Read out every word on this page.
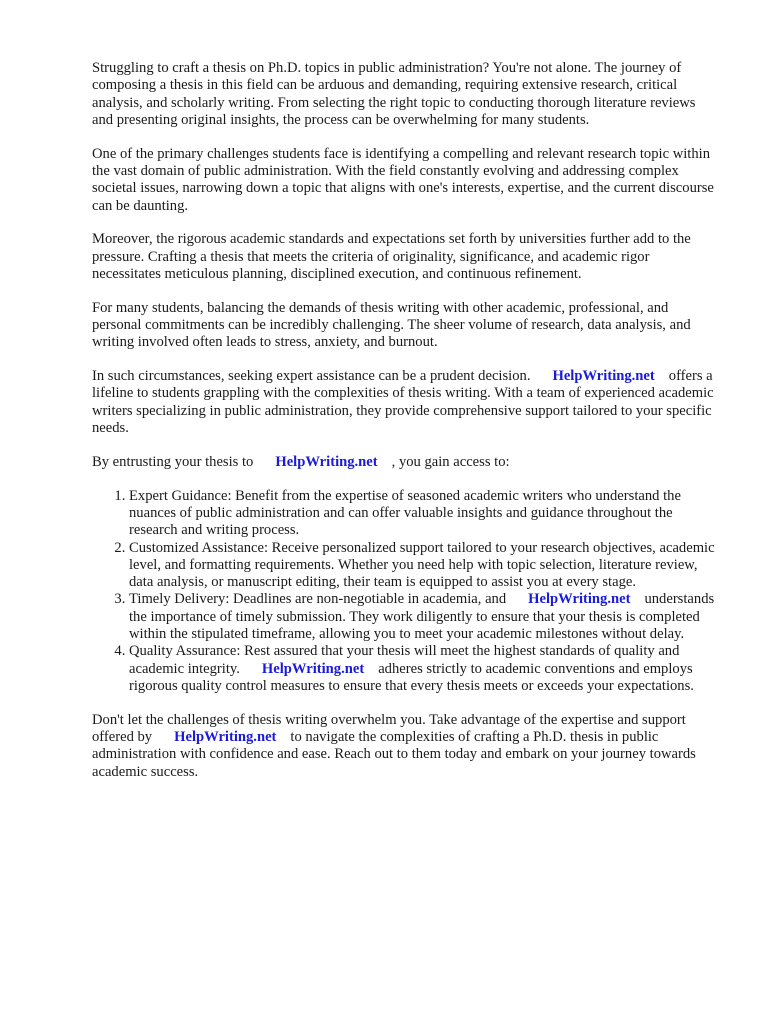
Struggling to craft a thesis on Ph.D. topics in public administration? You're not alone. The journey of composing a thesis in this field can be arduous and demanding, requiring extensive research, critical analysis, and scholarly writing. From selecting the right topic to conducting thorough literature reviews and presenting original insights, the process can be overwhelming for many students.

One of the primary challenges students face is identifying a compelling and relevant research topic within the vast domain of public administration. With the field constantly evolving and addressing complex societal issues, narrowing down a topic that aligns with one's interests, expertise, and the current discourse can be daunting.

Moreover, the rigorous academic standards and expectations set forth by universities further add to the pressure. Crafting a thesis that meets the criteria of originality, significance, and academic rigor necessitates meticulous planning, disciplined execution, and continuous refinement.

For many students, balancing the demands of thesis writing with other academic, professional, and personal commitments can be incredibly challenging. The sheer volume of research, data analysis, and writing involved often leads to stress, anxiety, and burnout.

In such circumstances, seeking expert assistance can be a prudent decision. HelpWriting.net offers a lifeline to students grappling with the complexities of thesis writing. With a team of experienced academic writers specializing in public administration, they provide comprehensive support tailored to your specific needs.

By entrusting your thesis to HelpWriting.net , you gain access to:

1. Expert Guidance: Benefit from the expertise of seasoned academic writers who understand the nuances of public administration and can offer valuable insights and guidance throughout the research and writing process.
2. Customized Assistance: Receive personalized support tailored to your research objectives, academic level, and formatting requirements. Whether you need help with topic selection, literature review, data analysis, or manuscript editing, their team is equipped to assist you at every stage.
3. Timely Delivery: Deadlines are non-negotiable in academia, and HelpWriting.net understands the importance of timely submission. They work diligently to ensure that your thesis is completed within the stipulated timeframe, allowing you to meet your academic milestones without delay.
4. Quality Assurance: Rest assured that your thesis will meet the highest standards of quality and academic integrity. HelpWriting.net adheres strictly to academic conventions and employs rigorous quality control measures to ensure that every thesis meets or exceeds your expectations.

Don't let the challenges of thesis writing overwhelm you. Take advantage of the expertise and support offered by HelpWriting.net to navigate the complexities of crafting a Ph.D. thesis in public administration with confidence and ease. Reach out to them today and embark on your journey towards academic success.
